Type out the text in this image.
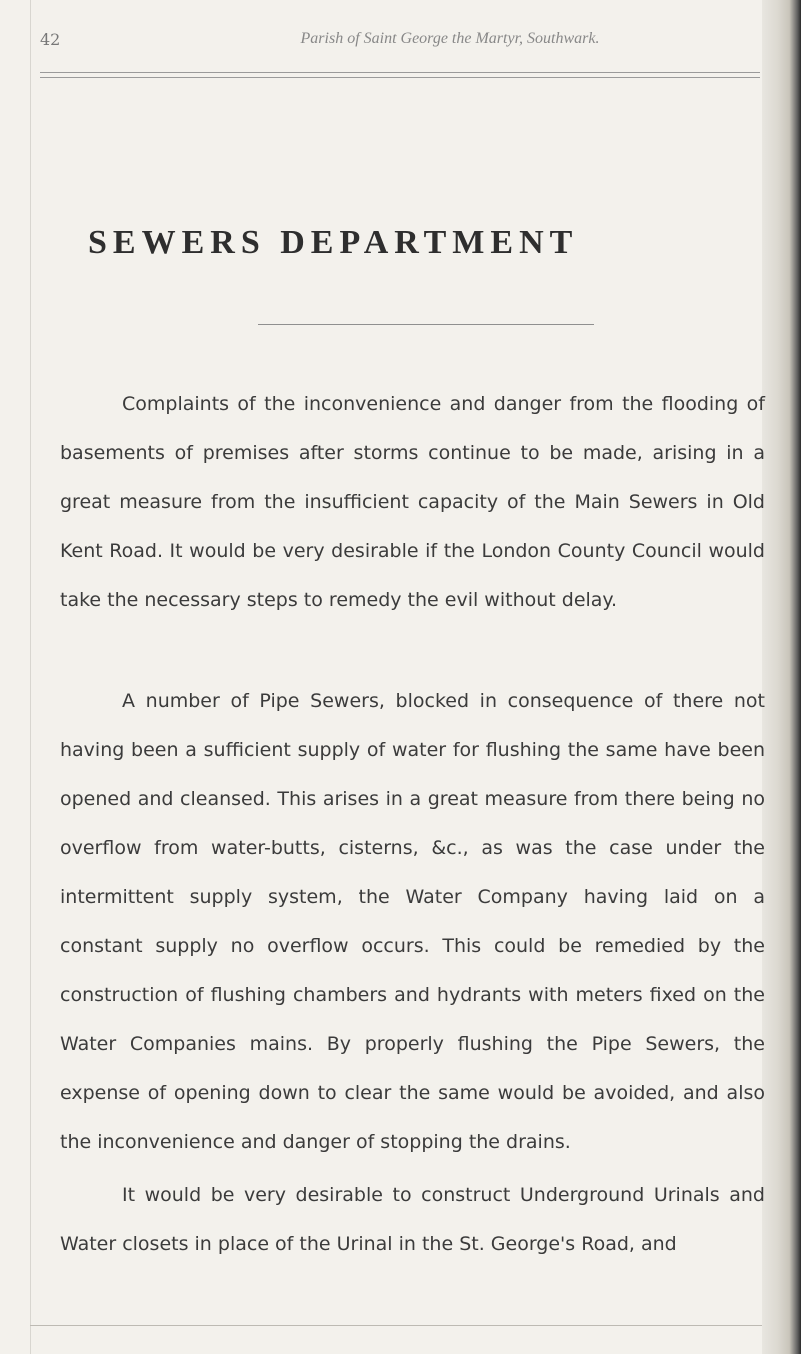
42	Parish of Saint George the Martyr, Southwark.
SEWERS DEPARTMENT

Complaints of the inconvenience and danger from the flooding of basements of premises after storms continue to be made, arising in a great measure from the insufficient capacity of the Main Sewers in Old Kent Road. It would be very desirable if the London County Council would take the necessary steps to remedy the evil without delay.

A number of Pipe Sewers, blocked in consequence of there not having been a sufficient supply of water for flushing the same have been opened and cleansed. This arises in a great measure from there being no overflow from water-butts, cisterns, &c., as was the case under the intermittent supply system, the Water Company having laid on a constant supply no overflow occurs. This could be remedied by the construction of flushing chambers and hydrants with meters fixed on the Water Companies mains. By properly flushing the Pipe Sewers, the expense of opening down to clear the same would be avoided, and also the inconvenience and danger of stopping the drains.

It would be very desirable to construct Underground Urinals and Water closets in place of the Urinal in the St. George's Road, and
